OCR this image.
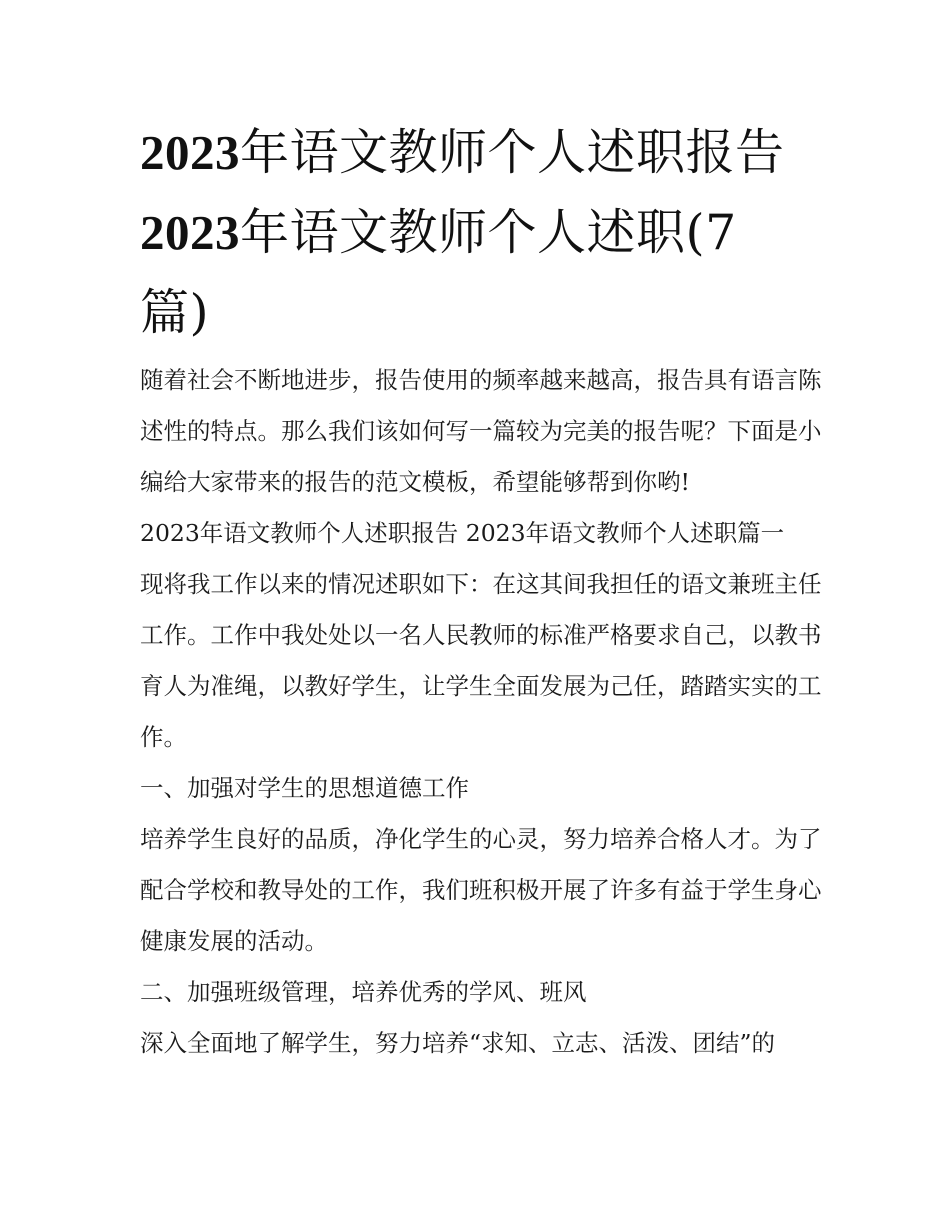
2023年语文教师个人述职报告
2023年语文教师个人述职(7
篇)

随着社会不断地进步，报告使用的频率越来越高，报告具有语言陈述性的特点。那么我们该如何写一篇较为完美的报告呢？下面是小编给大家带来的报告的范文模板，希望能够帮到你哟!

2023年语文教师个人述职报告 2023年语文教师个人述职篇一

现将我工作以来的情况述职如下：在这其间我担任的语文兼班主任工作。工作中我处处以一名人民教师的标准严格要求自己，以教书育人为准绳，以教好学生，让学生全面发展为己任，踏踏实实的工作。

一、加强对学生的思想道德工作

培养学生良好的品质，净化学生的心灵，努力培养合格人才。为了配合学校和教导处的工作，我们班积极开展了许多有益于学生身心健康发展的活动。

二、加强班级管理，培养优秀的学风、班风

深入全面地了解学生，努力培养“求知、立志、活泼、团结”的
